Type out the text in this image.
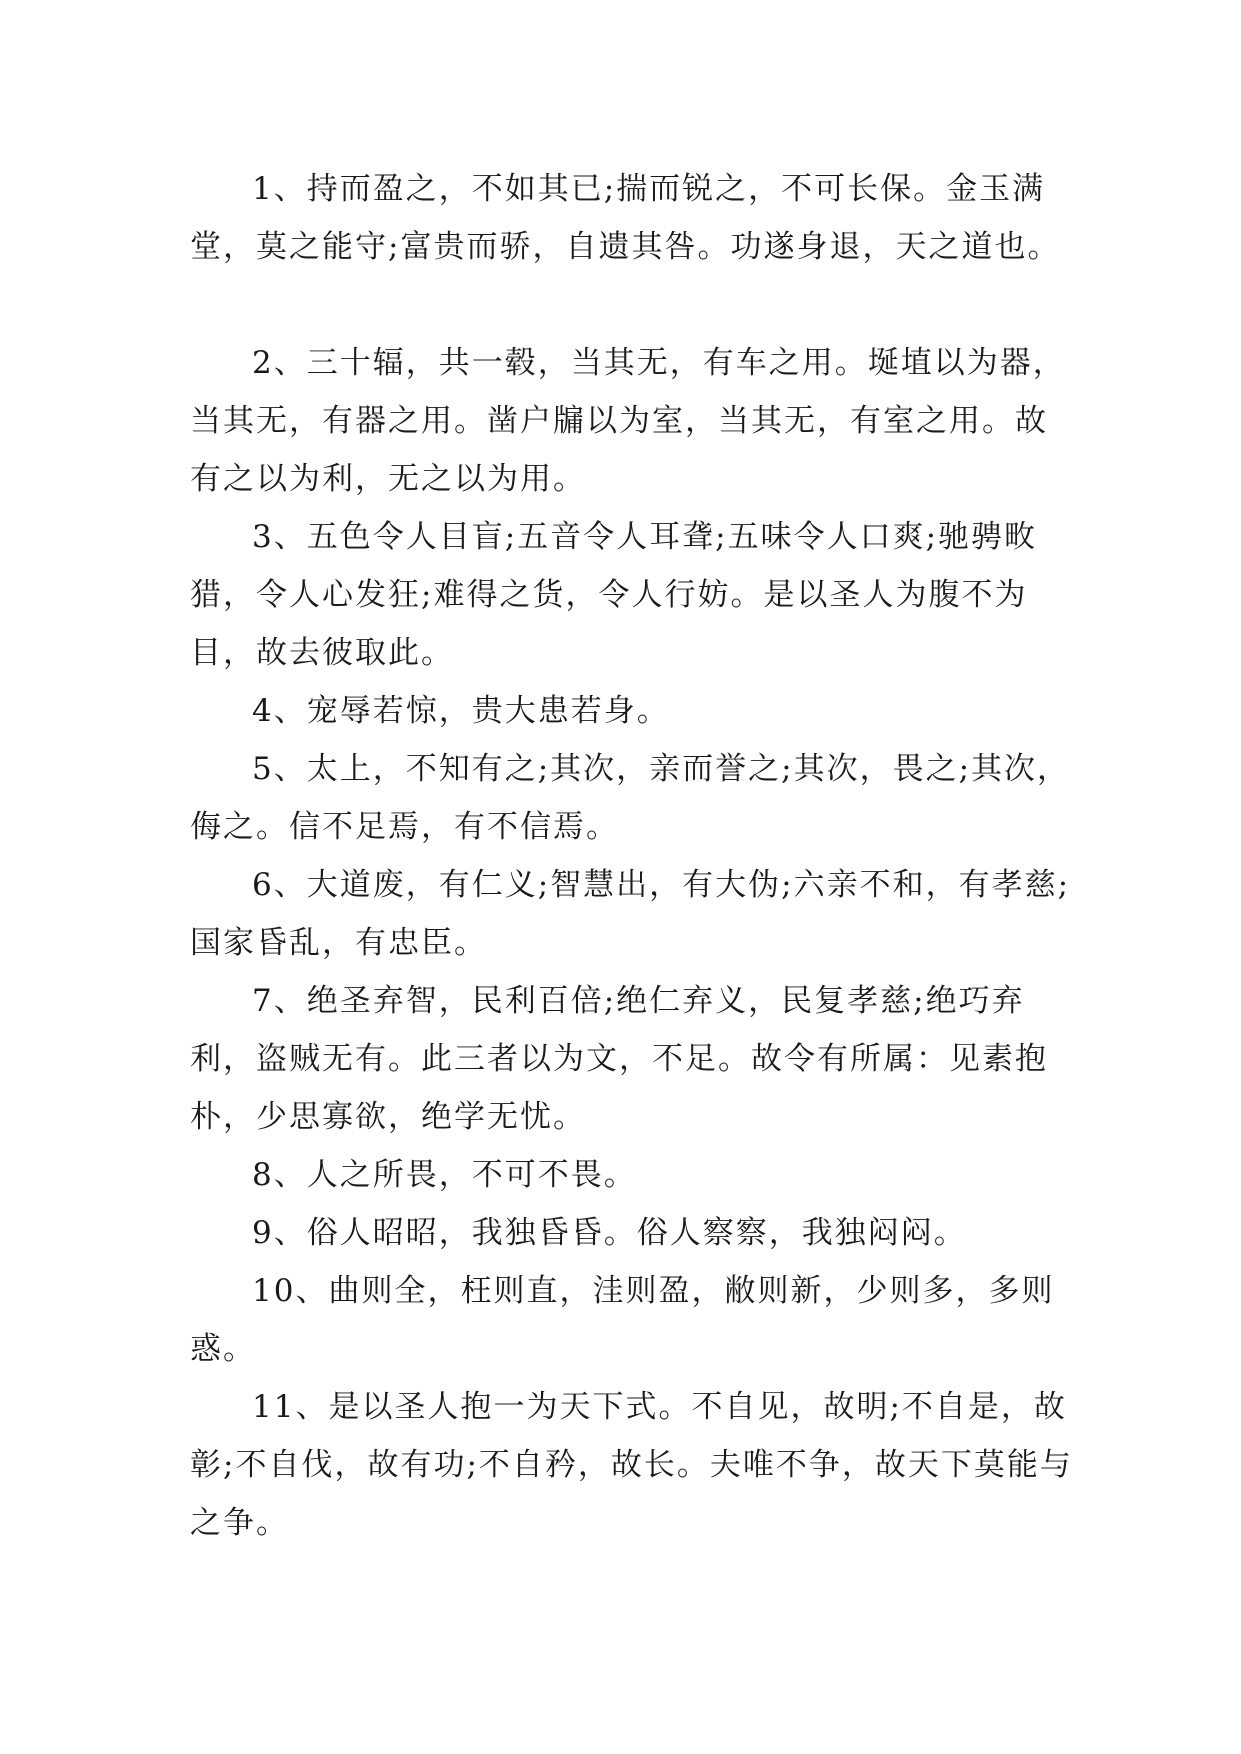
1、持而盈之，不如其已;揣而锐之，不可长保。金玉满堂，莫之能守;富贵而骄，自遗其咎。功遂身退，天之道也。

2、三十辐，共一毂，当其无，有车之用。埏埴以为器，当其无，有器之用。凿户牖以为室，当其无，有室之用。故有之以为利，无之以为用。

3、五色令人目盲;五音令人耳聋;五味令人口爽;驰骋畋猎，令人心发狂;难得之货，令人行妨。是以圣人为腹不为目，故去彼取此。

4、宠辱若惊，贵大患若身。

5、太上，不知有之;其次，亲而誉之;其次，畏之;其次，侮之。信不足焉，有不信焉。

6、大道废，有仁义;智慧出，有大伪;六亲不和，有孝慈;国家昏乱，有忠臣。

7、绝圣弃智，民利百倍;绝仁弃义，民复孝慈;绝巧弃利，盗贼无有。此三者以为文，不足。故令有所属：见素抱朴，少思寡欲，绝学无忧。

8、人之所畏，不可不畏。

9、俗人昭昭，我独昏昏。俗人察察，我独闷闷。

10、曲则全，枉则直，洼则盈，敝则新，少则多，多则惑。

11、是以圣人抱一为天下式。不自见，故明;不自是，故彰;不自伐，故有功;不自矜，故长。夫唯不争，故天下莫能与之争。
